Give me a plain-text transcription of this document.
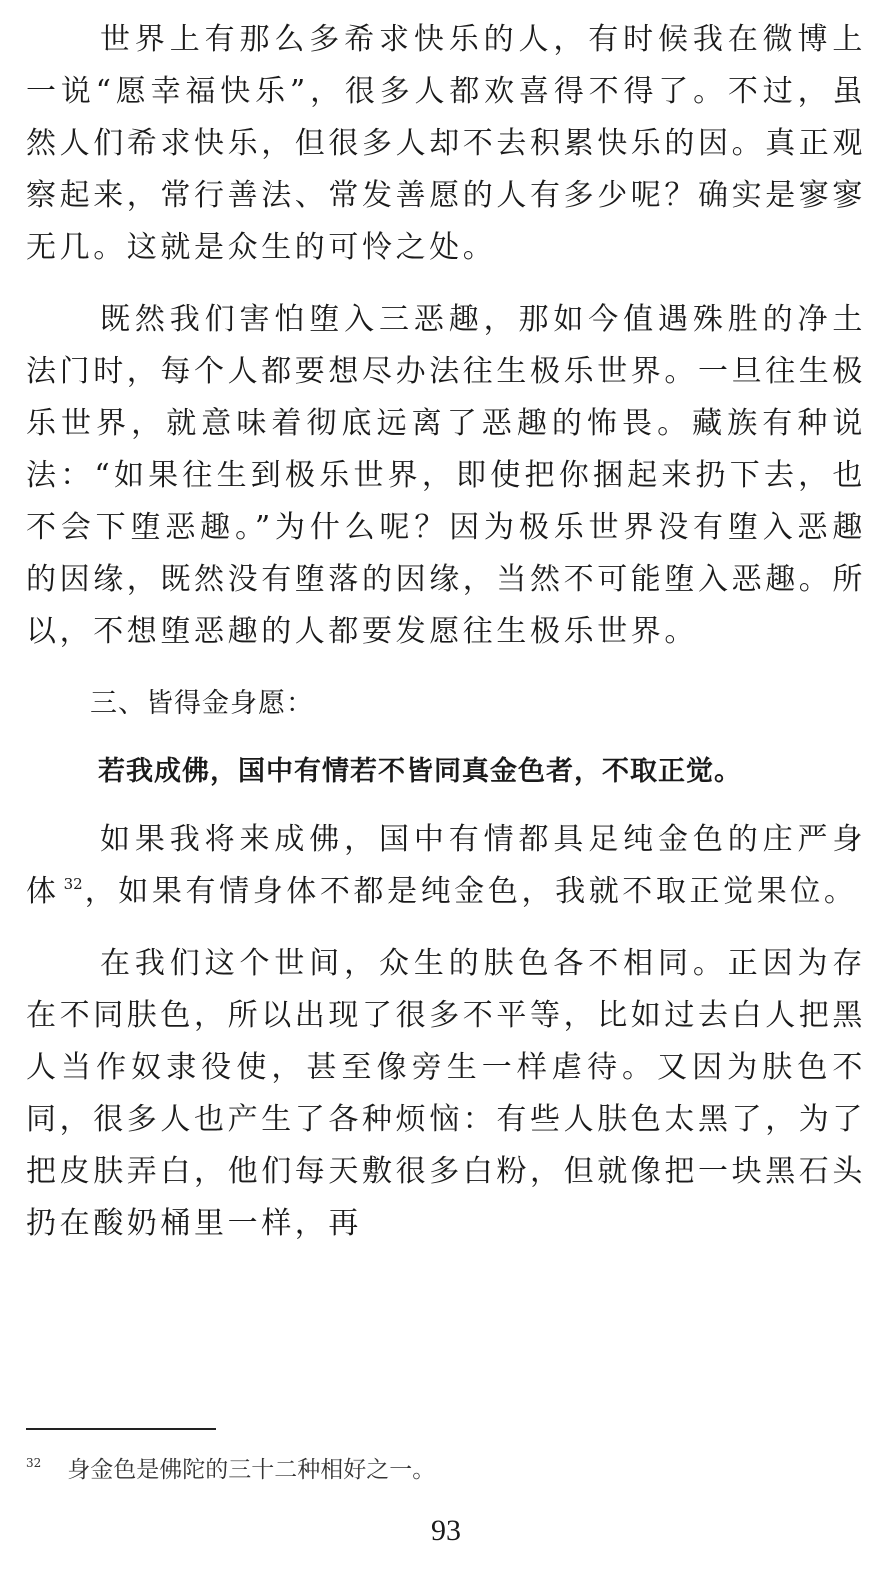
世界上有那么多希求快乐的人，有时候我在微博上一说“愿幸福快乐”，很多人都欢喜得不得了。不过，虽然人们希求快乐，但很多人却不去积累快乐的因。真正观察起来，常行善法、常发善愿的人有多少呢？确实是寥寥无几。这就是众生的可怜之处。

既然我们害怕堕入三恶趣，那如今值遇殊胜的净土法门时，每个人都要想尽办法往生极乐世界。一旦往生极乐世界，就意味着彻底远离了恶趣的怖畏。藏族有种说法：“如果往生到极乐世界，即使把你捆起来扔下去，也不会下堕恶趣。”为什么呢？因为极乐世界没有堕入恶趣的因缘，既然没有堕落的因缘，当然不可能堕入恶趣。所以，不想堕恶趣的人都要发愿往生极乐世界。

三、皆得金身愿：

若我成佛，国中有情若不皆同真金色者，不取正觉。

如果我将来成佛，国中有情都具足纯金色的庄严身体 $^{32}$，如果有情身体不都是纯金色，我就不取正觉果位。

在我们这个世间，众生的肤色各不相同。正因为存在不同肤色，所以出现了很多不平等，比如过去白人把黑人当作奴隶役使，甚至像旁生一样虐待。又因为肤色不同，很多人也产生了各种烦恼：有些人肤色太黑了，为了把皮肤弄白，他们每天敷很多白粉，但就像把一块黑石头扔在酸奶桶里一样，再

$^{32}$ 身金色是佛陀的三十二种相好之一。
93
